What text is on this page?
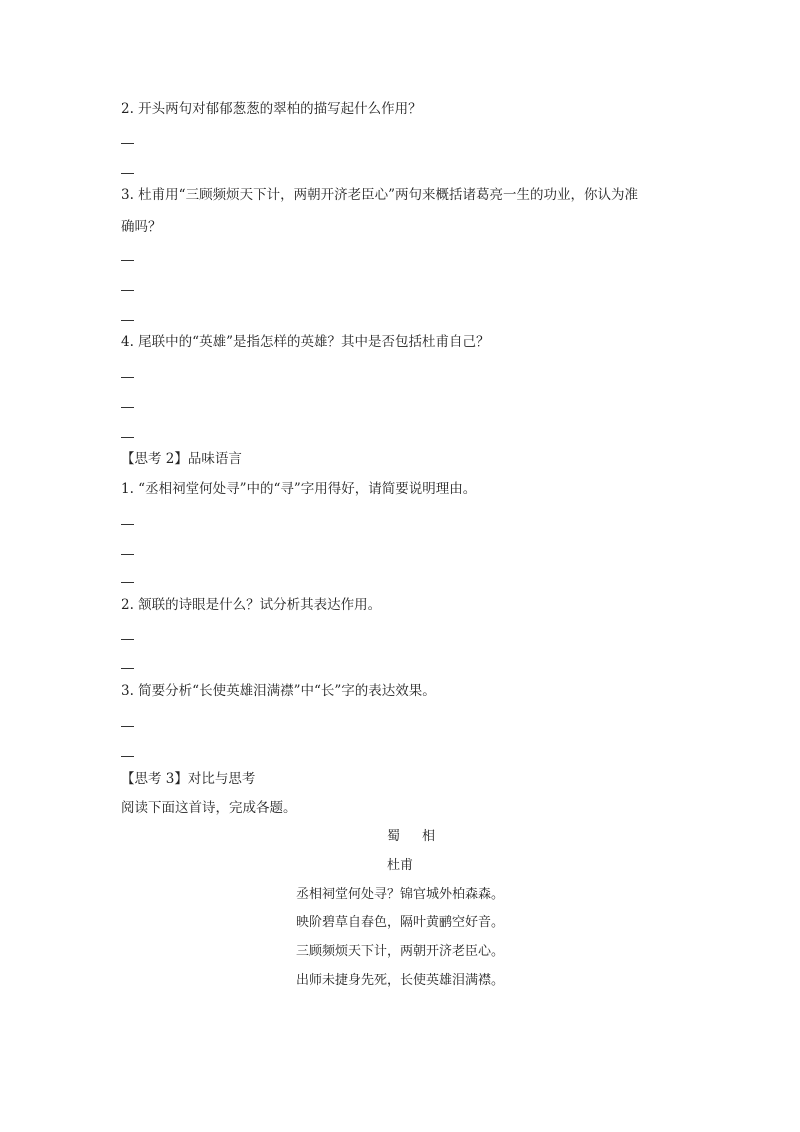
2. 开头两句对郁郁葱葱的翠柏的描写起什么作用？
3. 杜甫用“三顾频烦天下计，两朝开济老臣心”两句来概括诸葛亮一生的功业，你认为准
确吗？
4. 尾联中的“英雄”是指怎样的英雄？其中是否包括杜甫自己？
【思考 2】品味语言
1. “丞相祠堂何处寻”中的“寻”字用得好，请简要说明理由。
2. 颔联的诗眼是什么？试分析其表达作用。
3. 简要分析“长使英雄泪满襟”中“长”字的表达效果。
【思考 3】对比与思考
阅读下面这首诗，完成各题。
蜀相
杜甫
丞相祠堂何处寻？锦官城外柏森森。
映阶碧草自春色，隔叶黄鹂空好音。
三顾频烦天下计，两朝开济老臣心。
出师未捷身先死，长使英雄泪满襟。
